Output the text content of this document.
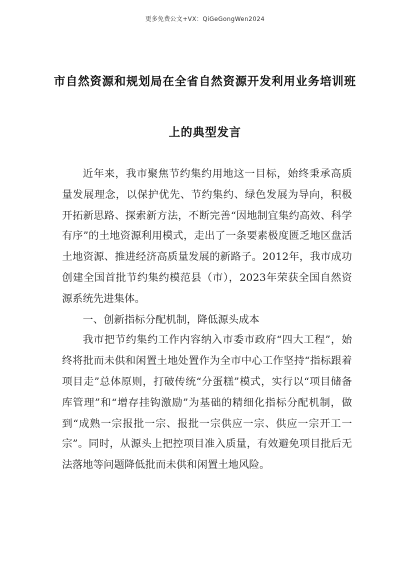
更多免费公文+VX：QiGeGongWen2024
市自然资源和规划局在全省自然资源开发利用业务培训班
上的典型发言

近年来，我市聚焦节约集约用地这一目标，始终秉承高质量发展理念，以保护优先、节约集约、绿色发展为导向，积极开拓新思路、探索新方法，不断完善“因地制宜集约高效、科学有序”的土地资源利用模式，走出了一条要素极度匮乏地区盘活土地资源、推进经济高质量发展的新路子。2012年，我市成功创建全国首批节约集约模范县（市），2023年荣获全国自然资源系统先进集体。

一、创新指标分配机制，降低源头成本

我市把节约集约工作内容纳入市委市政府“四大工程”，始终将批而未供和闲置土地处置作为全市中心工作坚持“指标跟着项目走”总体原则，打破传统“分蛋糕”模式，实行以“项目储备库管理”和“增存挂钩激励”为基础的精细化指标分配机制，做到“成熟一宗报批一宗、报批一宗供应一宗、供应一宗开工一宗”。同时，从源头上把控项目准入质量，有效避免项目批后无法落地等问题降低批而未供和闲置土地风险。
